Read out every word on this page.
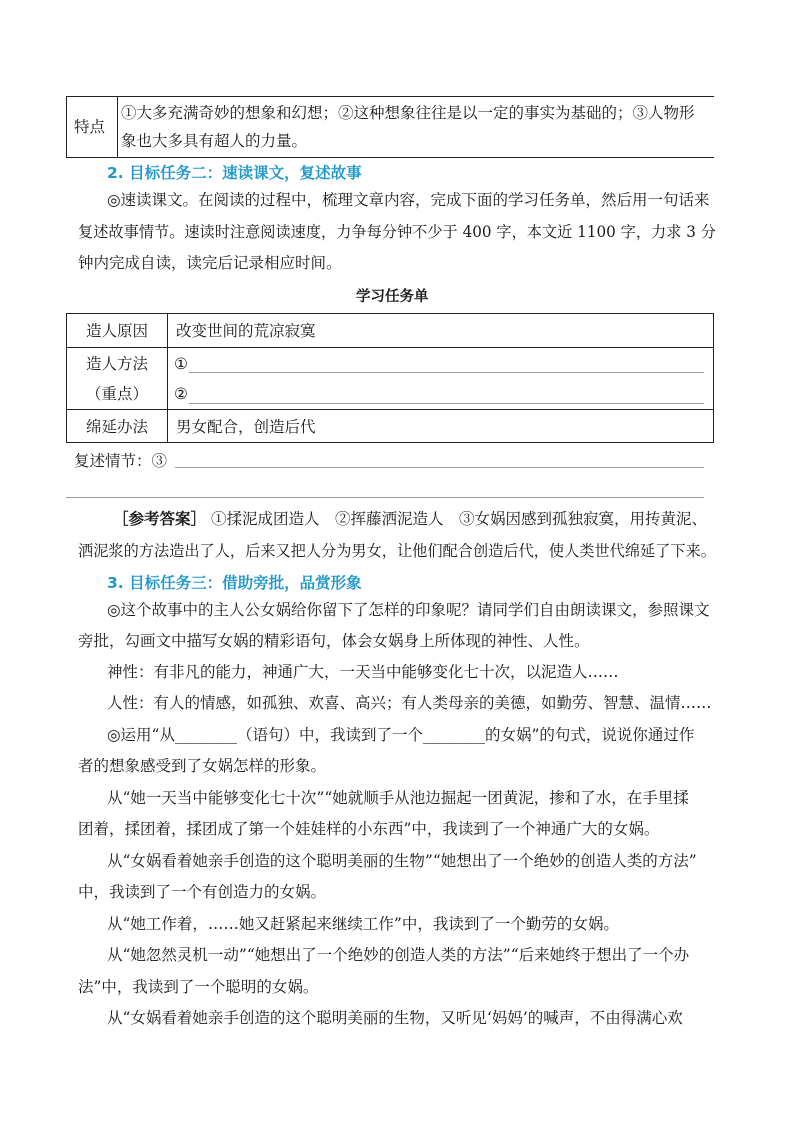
特点

①大多充满奇妙的想象和幻想；②这种想象往往是以一定的事实为基础的；③人物形

象也大多具有超人的力量。

2. 目标任务二：速读课文，复述故事

◎速读课文。在阅读的过程中，梳理文章内容，完成下面的学习任务单，然后用一句话来

复述故事情节。速读时注意阅读速度，力争每分钟不少于 400 字，本文近 1100 字，力求 3 分

钟内完成自读，读完后记录相应时间。

学习任务单

造人原因 改变世间的荒凉寂寞

造人方法

（重点）

①

②

绵延办法 男女配合，创造后代

复述情节：③

［参考答案］ ①揉泥成团造人　②挥藤洒泥造人　③女娲因感到孤独寂寞，用抟黄泥、

洒泥浆的方法造出了人，后来又把人分为男女，让他们配合创造后代，使人类世代绵延了下来。

3. 目标任务三：借助旁批，品赏形象

◎这个故事中的主人公女娲给你留下了怎样的印象呢？请同学们自由朗读课文，参照课文

旁批，勾画文中描写女娲的精彩语句，体会女娲身上所体现的神性、人性。

神性：有非凡的能力，神通广大，一天当中能够变化七十次，以泥造人……

人性：有人的情感，如孤独、欢喜、高兴；有人类母亲的美德，如勤劳、智慧、温情……

◎运用“从________（语句）中，我读到了一个________的女娲”的句式，说说你通过作

者的想象感受到了女娲怎样的形象。

从“她一天当中能够变化七十次”“她就顺手从池边掘起一团黄泥，掺和了水，在手里揉

团着，揉团着，揉团成了第一个娃娃样的小东西”中，我读到了一个神通广大的女娲。

从“女娲看着她亲手创造的这个聪明美丽的生物”“她想出了一个绝妙的创造人类的方法”

中，我读到了一个有创造力的女娲。

从“她工作着，……她又赶紧起来继续工作”中，我读到了一个勤劳的女娲。

从“她忽然灵机一动”“她想出了一个绝妙的创造人类的方法”“后来她终于想出了一个办

法”中，我读到了一个聪明的女娲。

从“女娲看着她亲手创造的这个聪明美丽的生物，又听见‘妈妈’的喊声，不由得满心欢
